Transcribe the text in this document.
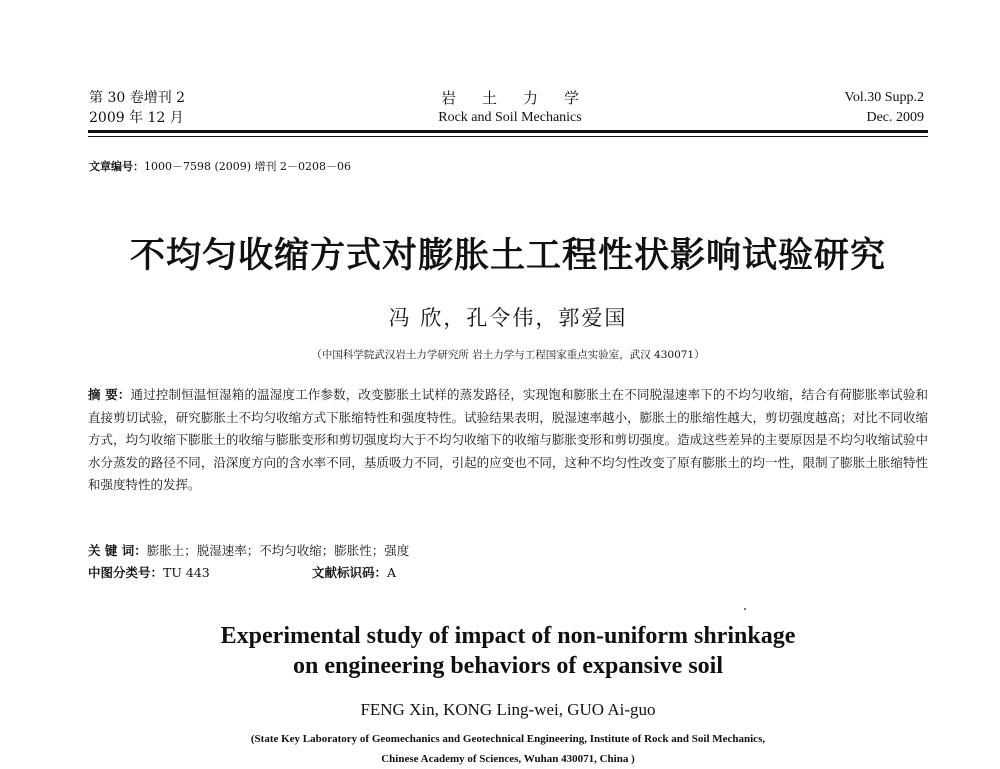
第 30 卷增刊 2
2009 年 12 月
岩土力学
Rock and Soil Mechanics
Vol.30 Supp.2
Dec. 2009
文章编号：1000－7598 (2009) 增刊 2－0208－06
不均匀收缩方式对膨胀土工程性状影响试验研究
冯 欣，孔令伟，郭爱国
（中国科学院武汉岩土力学研究所 岩土力学与工程国家重点实验室，武汉 430071）
摘 要：通过控制恒温恒湿箱的温湿度工作参数，改变膨胀土试样的蒸发路径，实现饱和膨胀土在不同脱湿速率下的不均匀收缩，结合有荷膨胀率试验和直接剪切试验，研究膨胀土不均匀收缩方式下胀缩特性和强度特性。试验结果表明，脱湿速率越小，膨胀土的胀缩性越大，剪切强度越高；对比不同收缩方式，均匀收缩下膨胀土的收缩与膨胀变形和剪切强度均大于不均匀收缩下的收缩与膨胀变形和剪切强度。造成这些差异的主要原因是不均匀收缩试验中水分蒸发的路径不同，沿深度方向的含水率不同，基质吸力不同，引起的应变也不同，这种不均匀性改变了原有膨胀土的均一性，限制了膨胀土胀缩特性和强度特性的发挥。
关 键 词：膨胀土；脱湿速率；不均匀收缩；膨胀性；强度
中图分类号：TU 443	文献标识码：A
Experimental study of impact of non-uniform shrinkage
on engineering behaviors of expansive soil
FENG Xin, KONG Ling-wei, GUO Ai-guo
(State Key Laboratory of Geomechanics and Geotechnical Engineering, Institute of Rock and Soil Mechanics,
Chinese Academy of Sciences, Wuhan 430071, China )
